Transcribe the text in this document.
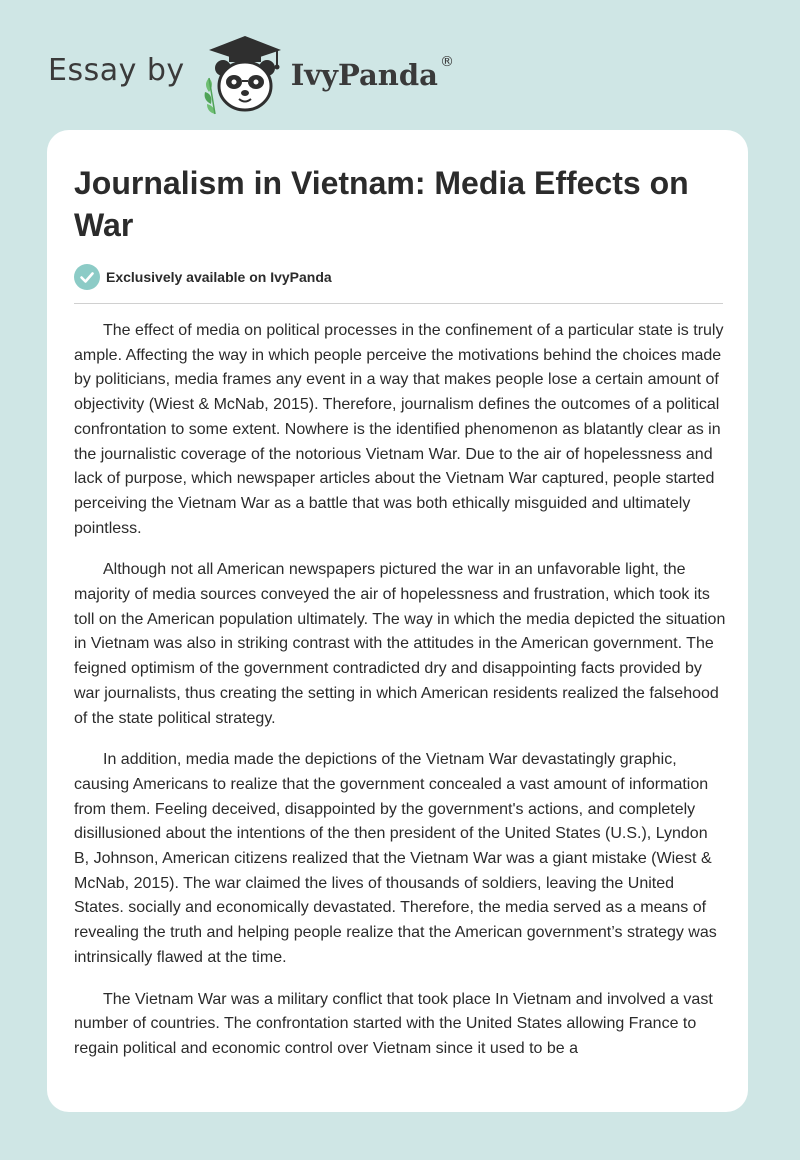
Essay by	IvyPanda ®
Journalism in Vietnam: Media Effects on War
Exclusively available on IvyPanda

The effect of media on political processes in the confinement of a particular state is truly ample. Affecting the way in which people perceive the motivations behind the choices made by politicians, media frames any event in a way that makes people lose a certain amount of objectivity (Wiest & McNab, 2015). Therefore, journalism defines the outcomes of a political confrontation to some extent. Nowhere is the identified phenomenon as blatantly clear as in the journalistic coverage of the notorious Vietnam War. Due to the air of hopelessness and lack of purpose, which newspaper articles about the Vietnam War captured, people started perceiving the Vietnam War as a battle that was both ethically misguided and ultimately pointless.

Although not all American newspapers pictured the war in an unfavorable light, the majority of media sources conveyed the air of hopelessness and frustration, which took its toll on the American population ultimately. The way in which the media depicted the situation in Vietnam was also in striking contrast with the attitudes in the American government. The feigned optimism of the government contradicted dry and disappointing facts provided by war journalists, thus creating the setting in which American residents realized the falsehood of the state political strategy.

In addition, media made the depictions of the Vietnam War devastatingly graphic, causing Americans to realize that the government concealed a vast amount of information from them. Feeling deceived, disappointed by the government's actions, and completely disillusioned about the intentions of the then president of the United States (U.S.), Lyndon B, Johnson, American citizens realized that the Vietnam War was a giant mistake (Wiest & McNab, 2015). The war claimed the lives of thousands of soldiers, leaving the United States. socially and economically devastated. Therefore, the media served as a means of revealing the truth and helping people realize that the American government’s strategy was intrinsically flawed at the time.

The Vietnam War was a military conflict that took place In Vietnam and involved a vast number of countries. The confrontation started with the United States allowing France to regain political and economic control over Vietnam since it used to be a
